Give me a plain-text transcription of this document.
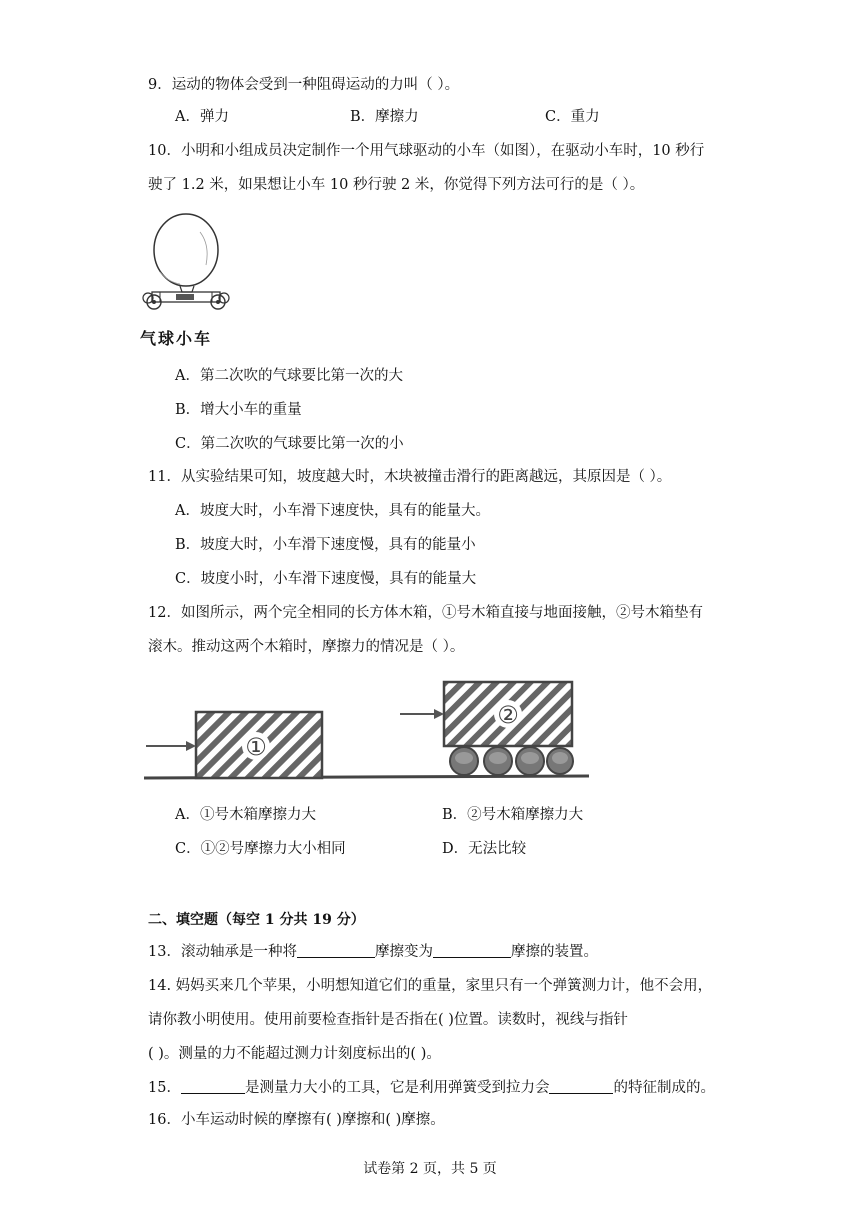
9．运动的物体会受到一种阻碍运动的力叫（ ）。
A．弹力	B．摩擦力	C．重力
10．小明和小组成员决定制作一个用气球驱动的小车（如图），在驱动小车时，10 秒行
驶了 1.2 米，如果想让小车 10 秒行驶 2 米，你觉得下列方法可行的是（ ）。
气球小车
A．第二次吹的气球要比第一次的大
B．增大小车的重量
C．第二次吹的气球要比第一次的小
11．从实验结果可知，坡度越大时，木块被撞击滑行的距离越远，其原因是（ ）。
A．坡度大时，小车滑下速度快，具有的能量大。
B．坡度大时，小车滑下速度慢，具有的能量小
C．坡度小时，小车滑下速度慢，具有的能量大
12．如图所示，两个完全相同的长方体木箱，①号木箱直接与地面接触，②号木箱垫有
滚木。推动这两个木箱时，摩擦力的情况是（ ）。
①
②
A．①号木箱摩擦力大	B．②号木箱摩擦力大
C．①②号摩擦力大小相同	D．无法比较
二、填空题（每空 1 分共 19 分）
13．滚动轴承是一种将	摩擦变为	摩擦的装置。
14. 妈妈买来几个苹果，小明想知道它们的重量，家里只有一个弹簧测力计，他不会用，
请你教小明使用。使用前要检查指针是否指在( )位置。读数时，视线与指针
( )。测量的力不能超过测力计刻度标出的( )。
15．	是测量力大小的工具，它是利用弹簧受到拉力会	的特征制成的。
16．小车运动时候的摩擦有( )摩擦和( )摩擦。
试卷第 2 页，共 5 页
